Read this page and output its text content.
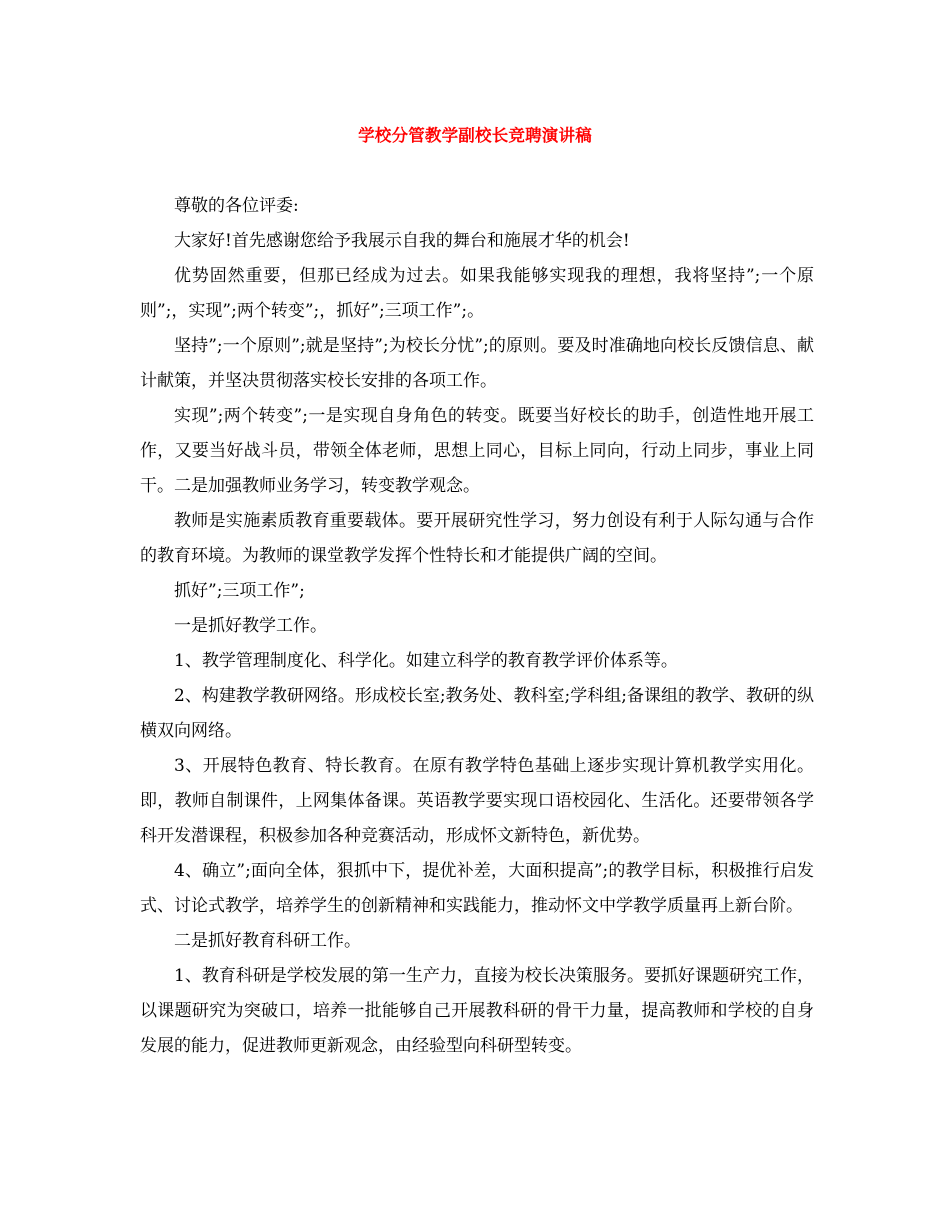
学校分管教学副校长竞聘演讲稿

尊敬的各位评委:

大家好!首先感谢您给予我展示自我的舞台和施展才华的机会!

优势固然重要，但那已经成为过去。如果我能够实现我的理想，我将坚持”;一个原则”;，实现”;两个转变”;，抓好”;三项工作”;。

坚持”;一个原则”;就是坚持”;为校长分忧”;的原则。要及时准确地向校长反馈信息、献计献策，并坚决贯彻落实校长安排的各项工作。

实现”;两个转变”;一是实现自身角色的转变。既要当好校长的助手，创造性地开展工作，又要当好战斗员，带领全体老师，思想上同心，目标上同向，行动上同步，事业上同干。二是加强教师业务学习，转变教学观念。

教师是实施素质教育重要载体。要开展研究性学习，努力创设有利于人际勾通与合作的教育环境。为教师的课堂教学发挥个性特长和才能提供广阔的空间。

抓好”;三项工作”;

一是抓好教学工作。

1、教学管理制度化、科学化。如建立科学的教育教学评价体系等。

2、构建教学教研网络。形成校长室;教务处、教科室;学科组;备课组的教学、教研的纵横双向网络。

3、开展特色教育、特长教育。在原有教学特色基础上逐步实现计算机教学实用化。即，教师自制课件，上网集体备课。英语教学要实现口语校园化、生活化。还要带领各学科开发潜课程，积极参加各种竞赛活动，形成怀文新特色，新优势。

4、确立”;面向全体，狠抓中下，提优补差，大面积提高”;的教学目标，积极推行启发式、讨论式教学，培养学生的创新精神和实践能力，推动怀文中学教学质量再上新台阶。

二是抓好教育科研工作。

1、教育科研是学校发展的第一生产力，直接为校长决策服务。要抓好课题研究工作，以课题研究为突破口，培养一批能够自己开展教科研的骨干力量，提高教师和学校的自身发展的能力，促进教师更新观念，由经验型向科研型转变。
